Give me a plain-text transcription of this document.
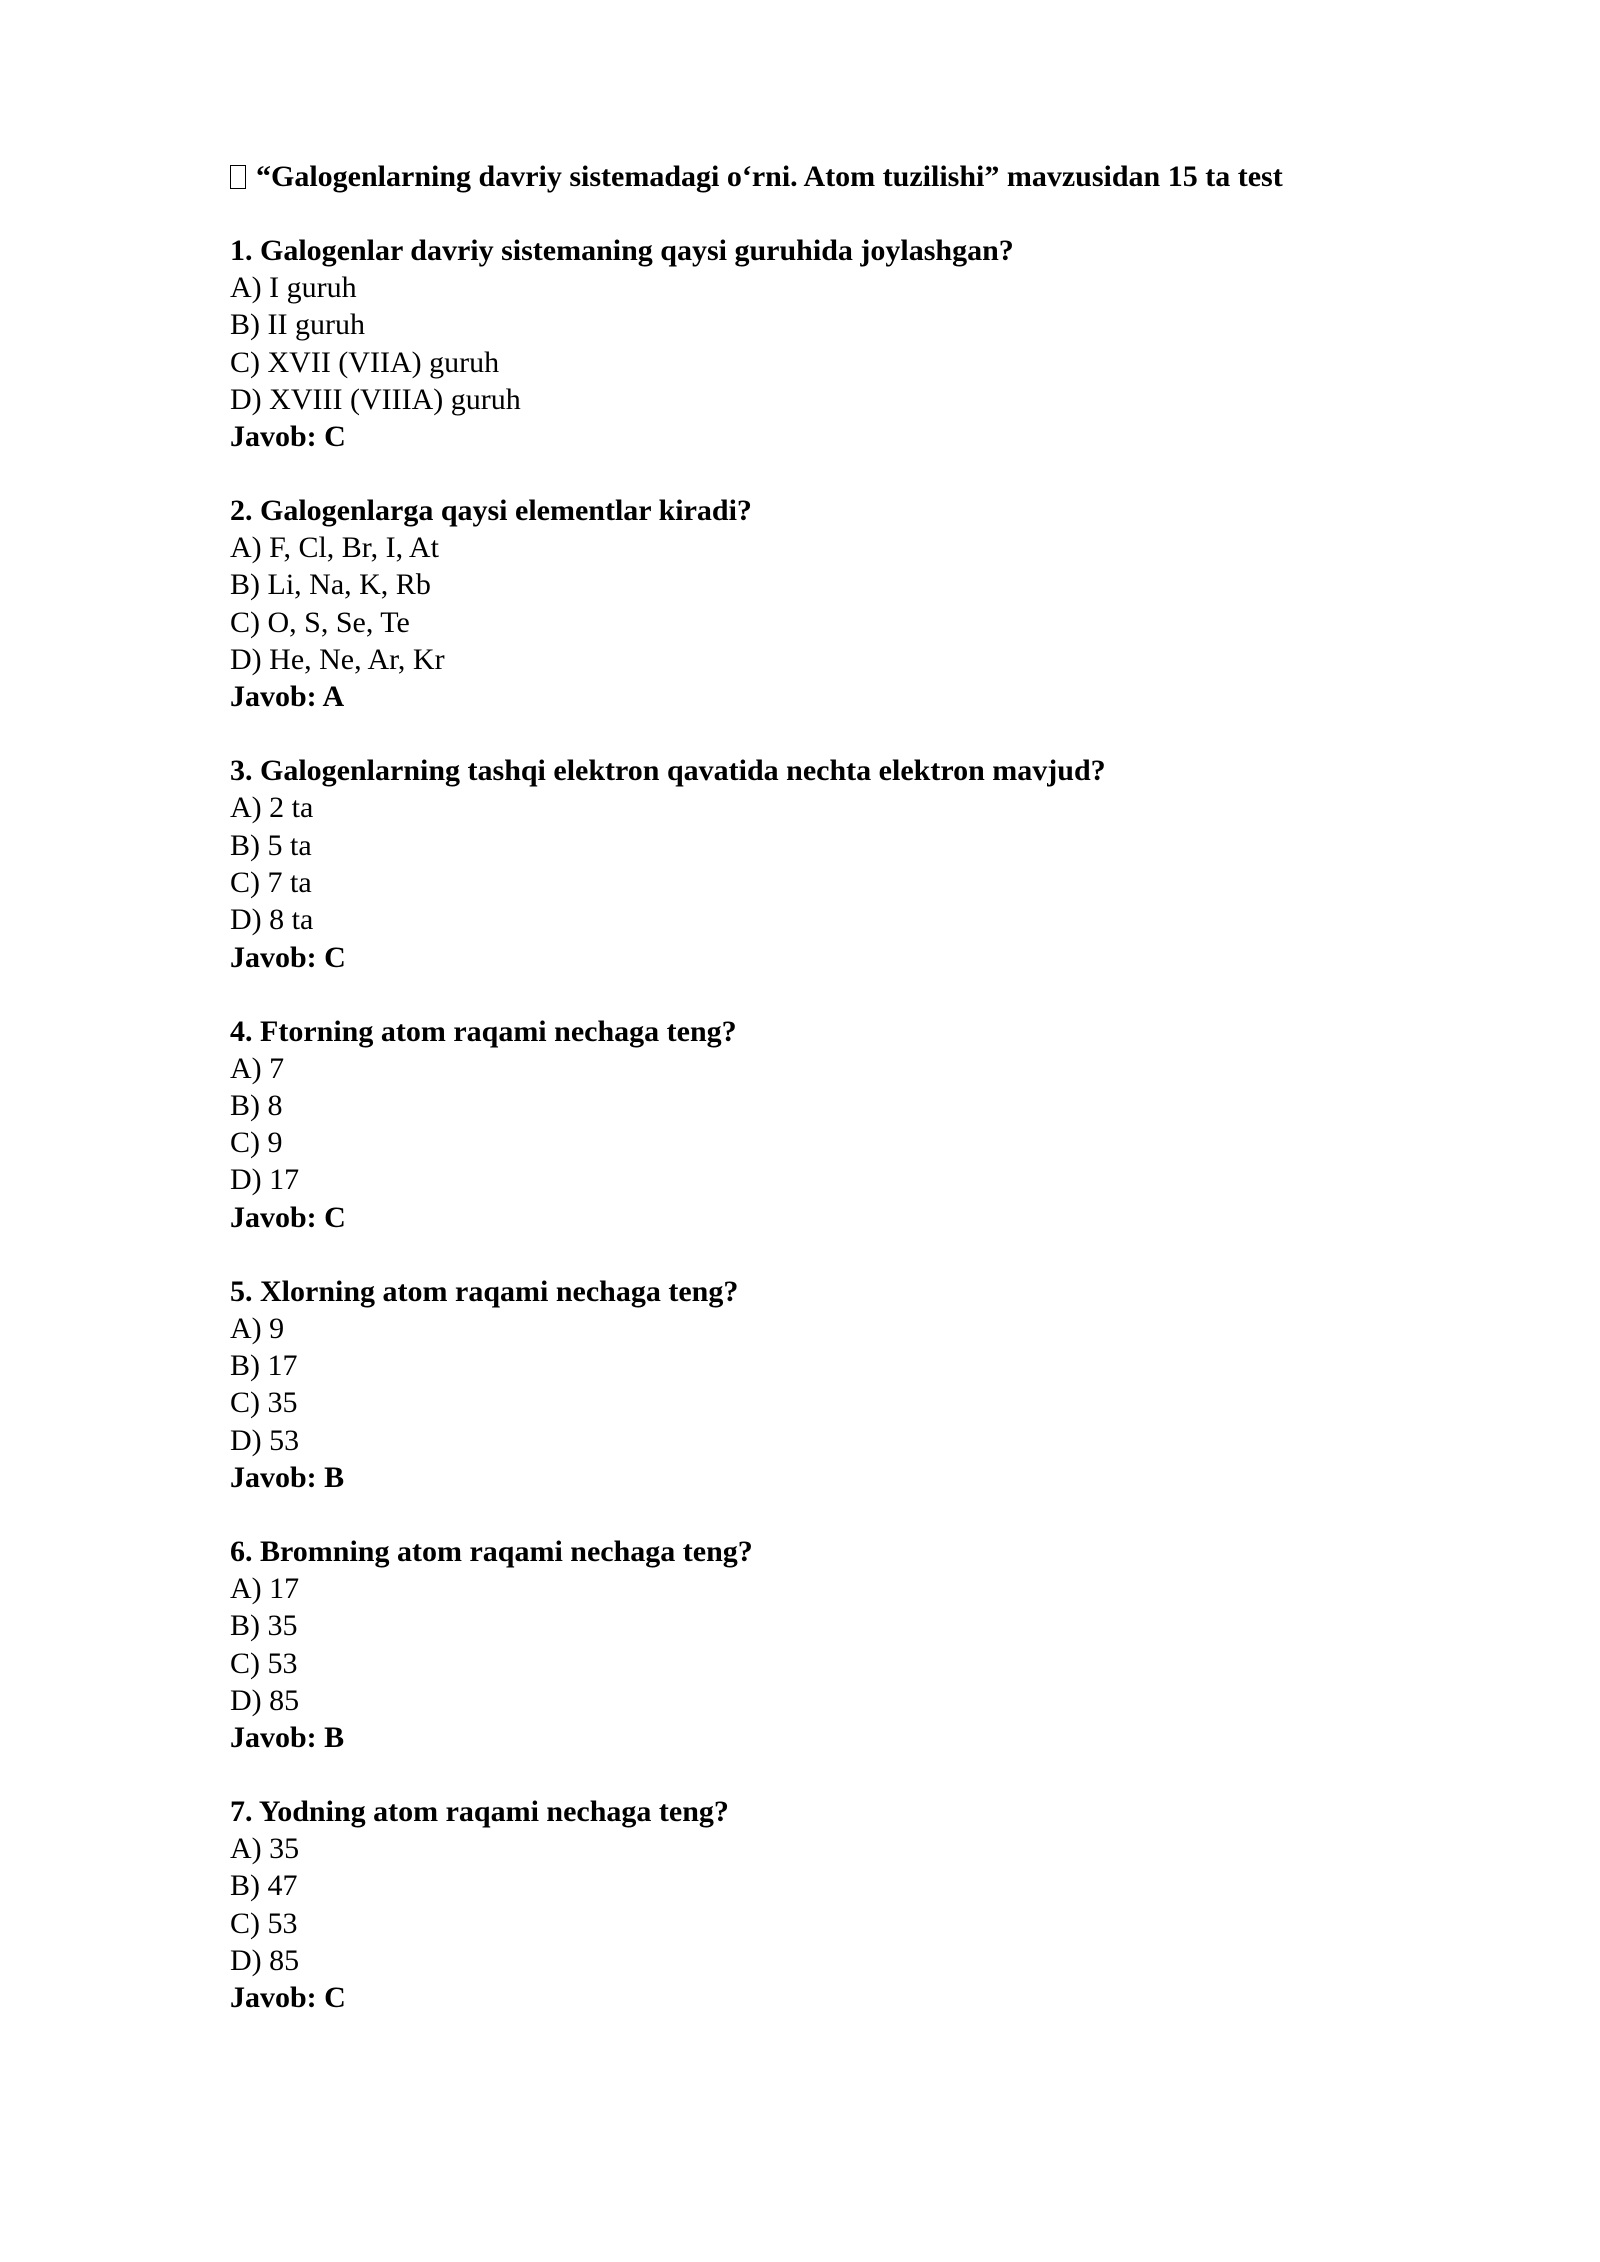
“Galogenlarning davriy sistemadagi o‘rni. Atom tuzilishi” mavzusidan 15 ta test
1. Galogenlar davriy sistemaning qaysi guruhida joylashgan?
A) I guruh
B) II guruh
C) XVII (VIIA) guruh
D) XVIII (VIIIA) guruh
Javob: C
2. Galogenlarga qaysi elementlar kiradi?
A) F, Cl, Br, I, At
B) Li, Na, K, Rb
C) O, S, Se, Te
D) He, Ne, Ar, Kr
Javob: A
3. Galogenlarning tashqi elektron qavatida nechta elektron mavjud?
A) 2 ta
B) 5 ta
C) 7 ta
D) 8 ta
Javob: C
4. Ftorning atom raqami nechaga teng?
A) 7
B) 8
C) 9
D) 17
Javob: C
5. Xlorning atom raqami nechaga teng?
A) 9
B) 17
C) 35
D) 53
Javob: B
6. Bromning atom raqami nechaga teng?
A) 17
B) 35
C) 53
D) 85
Javob: B
7. Yodning atom raqami nechaga teng?
A) 35
B) 47
C) 53
D) 85
Javob: C
